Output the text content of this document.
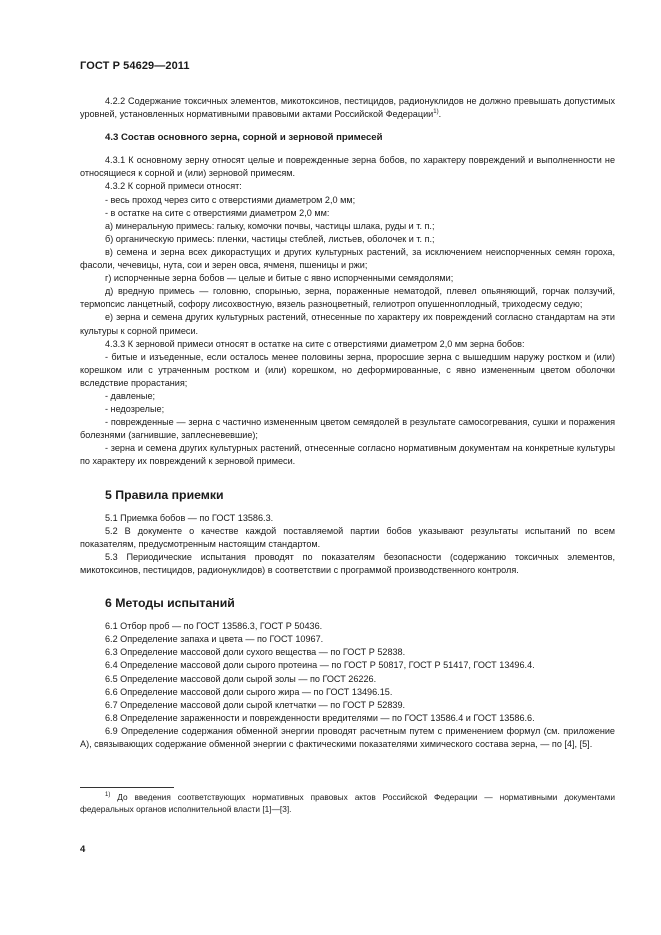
ГОСТ Р 54629—2011

4.2.2 Содержание токсичных элементов, микотоксинов, пестицидов, радионуклидов не должно превышать допустимых уровней, установленных нормативными правовыми актами Российской Федерации$^{1)}$.

4.3 Состав основного зерна, сорной и зерновой примесей

4.3.1 К основному зерну относят целые и поврежденные зерна бобов, по характеру повреждений и выполненности не относящиеся к сорной и (или) зерновой примесям.

4.3.2 К сорной примеси относят:

- весь проход через сито с отверстиями диаметром 2,0 мм;

- в остатке на сите с отверстиями диаметром 2,0 мм:

а) минеральную примесь: гальку, комочки почвы, частицы шлака, руды и т. п.;

б) органическую примесь: пленки, частицы стеблей, листьев, оболочек и т. п.;

в) семена и зерна всех дикорастущих и других культурных растений, за исключением неиспорченных семян гороха, фасоли, чечевицы, нута, сои и зерен овса, ячменя, пшеницы и ржи;

г) испорченные зерна бобов — целые и битые с явно испорченными семядолями;

д) вредную примесь — головню, спорынью, зерна, пораженные нематодой, плевел опьяняющий, горчак ползучий, термопсис ланцетный, софору лисохвостную, вязель разноцветный, гелиотроп опушеннoплодный, триходесму седую;

е) зерна и семена других культурных растений, отнесенные по характеру их повреждений согласно стандартам на эти культуры к сорной примеси.

4.3.3 К зерновой примеси относят в остатке на сите с отверстиями диаметром 2,0 мм зерна бобов:

- битые и изъеденные, если осталось менее половины зерна, проросшие зерна с вышедшим наружу ростком и (или) корешком или с утраченным ростком и (или) корешком, но деформированные, с явно измененным цветом оболочки вследствие прорастания;

- давленые;

- недозрелые;

- поврежденные — зерна с частично измененным цветом семядолей в результате самосогревания, сушки и поражения болезнями (загнившие, заплесневевшие);

- зерна и семена других культурных растений, отнесенные согласно нормативным документам на конкретные культуры по характеру их повреждений к зерновой примеси.

5 Правила приемки

5.1 Приемка бобов — по ГОСТ 13586.3.

5.2 В документе о качестве каждой поставляемой партии бобов указывают результаты испытаний по всем показателям, предусмотренным настоящим стандартом.

5.3 Периодические испытания проводят по показателям безопасности (содержанию токсичных элементов, микотоксинов, пестицидов, радионуклидов) в соответствии с программой производственного контроля.

6 Методы испытаний

6.1 Отбор проб — по ГОСТ 13586.3, ГОСТ Р 50436.

6.2 Определение запаха и цвета — по ГОСТ 10967.

6.3 Определение массовой доли сухого вещества — по ГОСТ Р 52838.

6.4 Определение массовой доли сырого протеина — по ГОСТ Р 50817, ГОСТ Р 51417, ГОСТ 13496.4.

6.5 Определение массовой доли сырой золы — по ГОСТ 26226.

6.6 Определение массовой доли сырого жира — по ГОСТ 13496.15.

6.7 Определение массовой доли сырой клетчатки — по ГОСТ Р 52839.

6.8 Определение зараженности и поврежденности вредителями — по ГОСТ 13586.4 и ГОСТ 13586.6.

6.9 Определение содержания обменной энергии проводят расчетным путем с применением формул (см. приложение А), связывающих содержание обменной энергии с фактическими показателями химического состава зерна, — по [4], [5].

$^{1)}$ До введения соответствующих нормативных правовых актов Российской Федерации — нормативными документами федеральных органов исполнительной власти [1]—[3].
4
